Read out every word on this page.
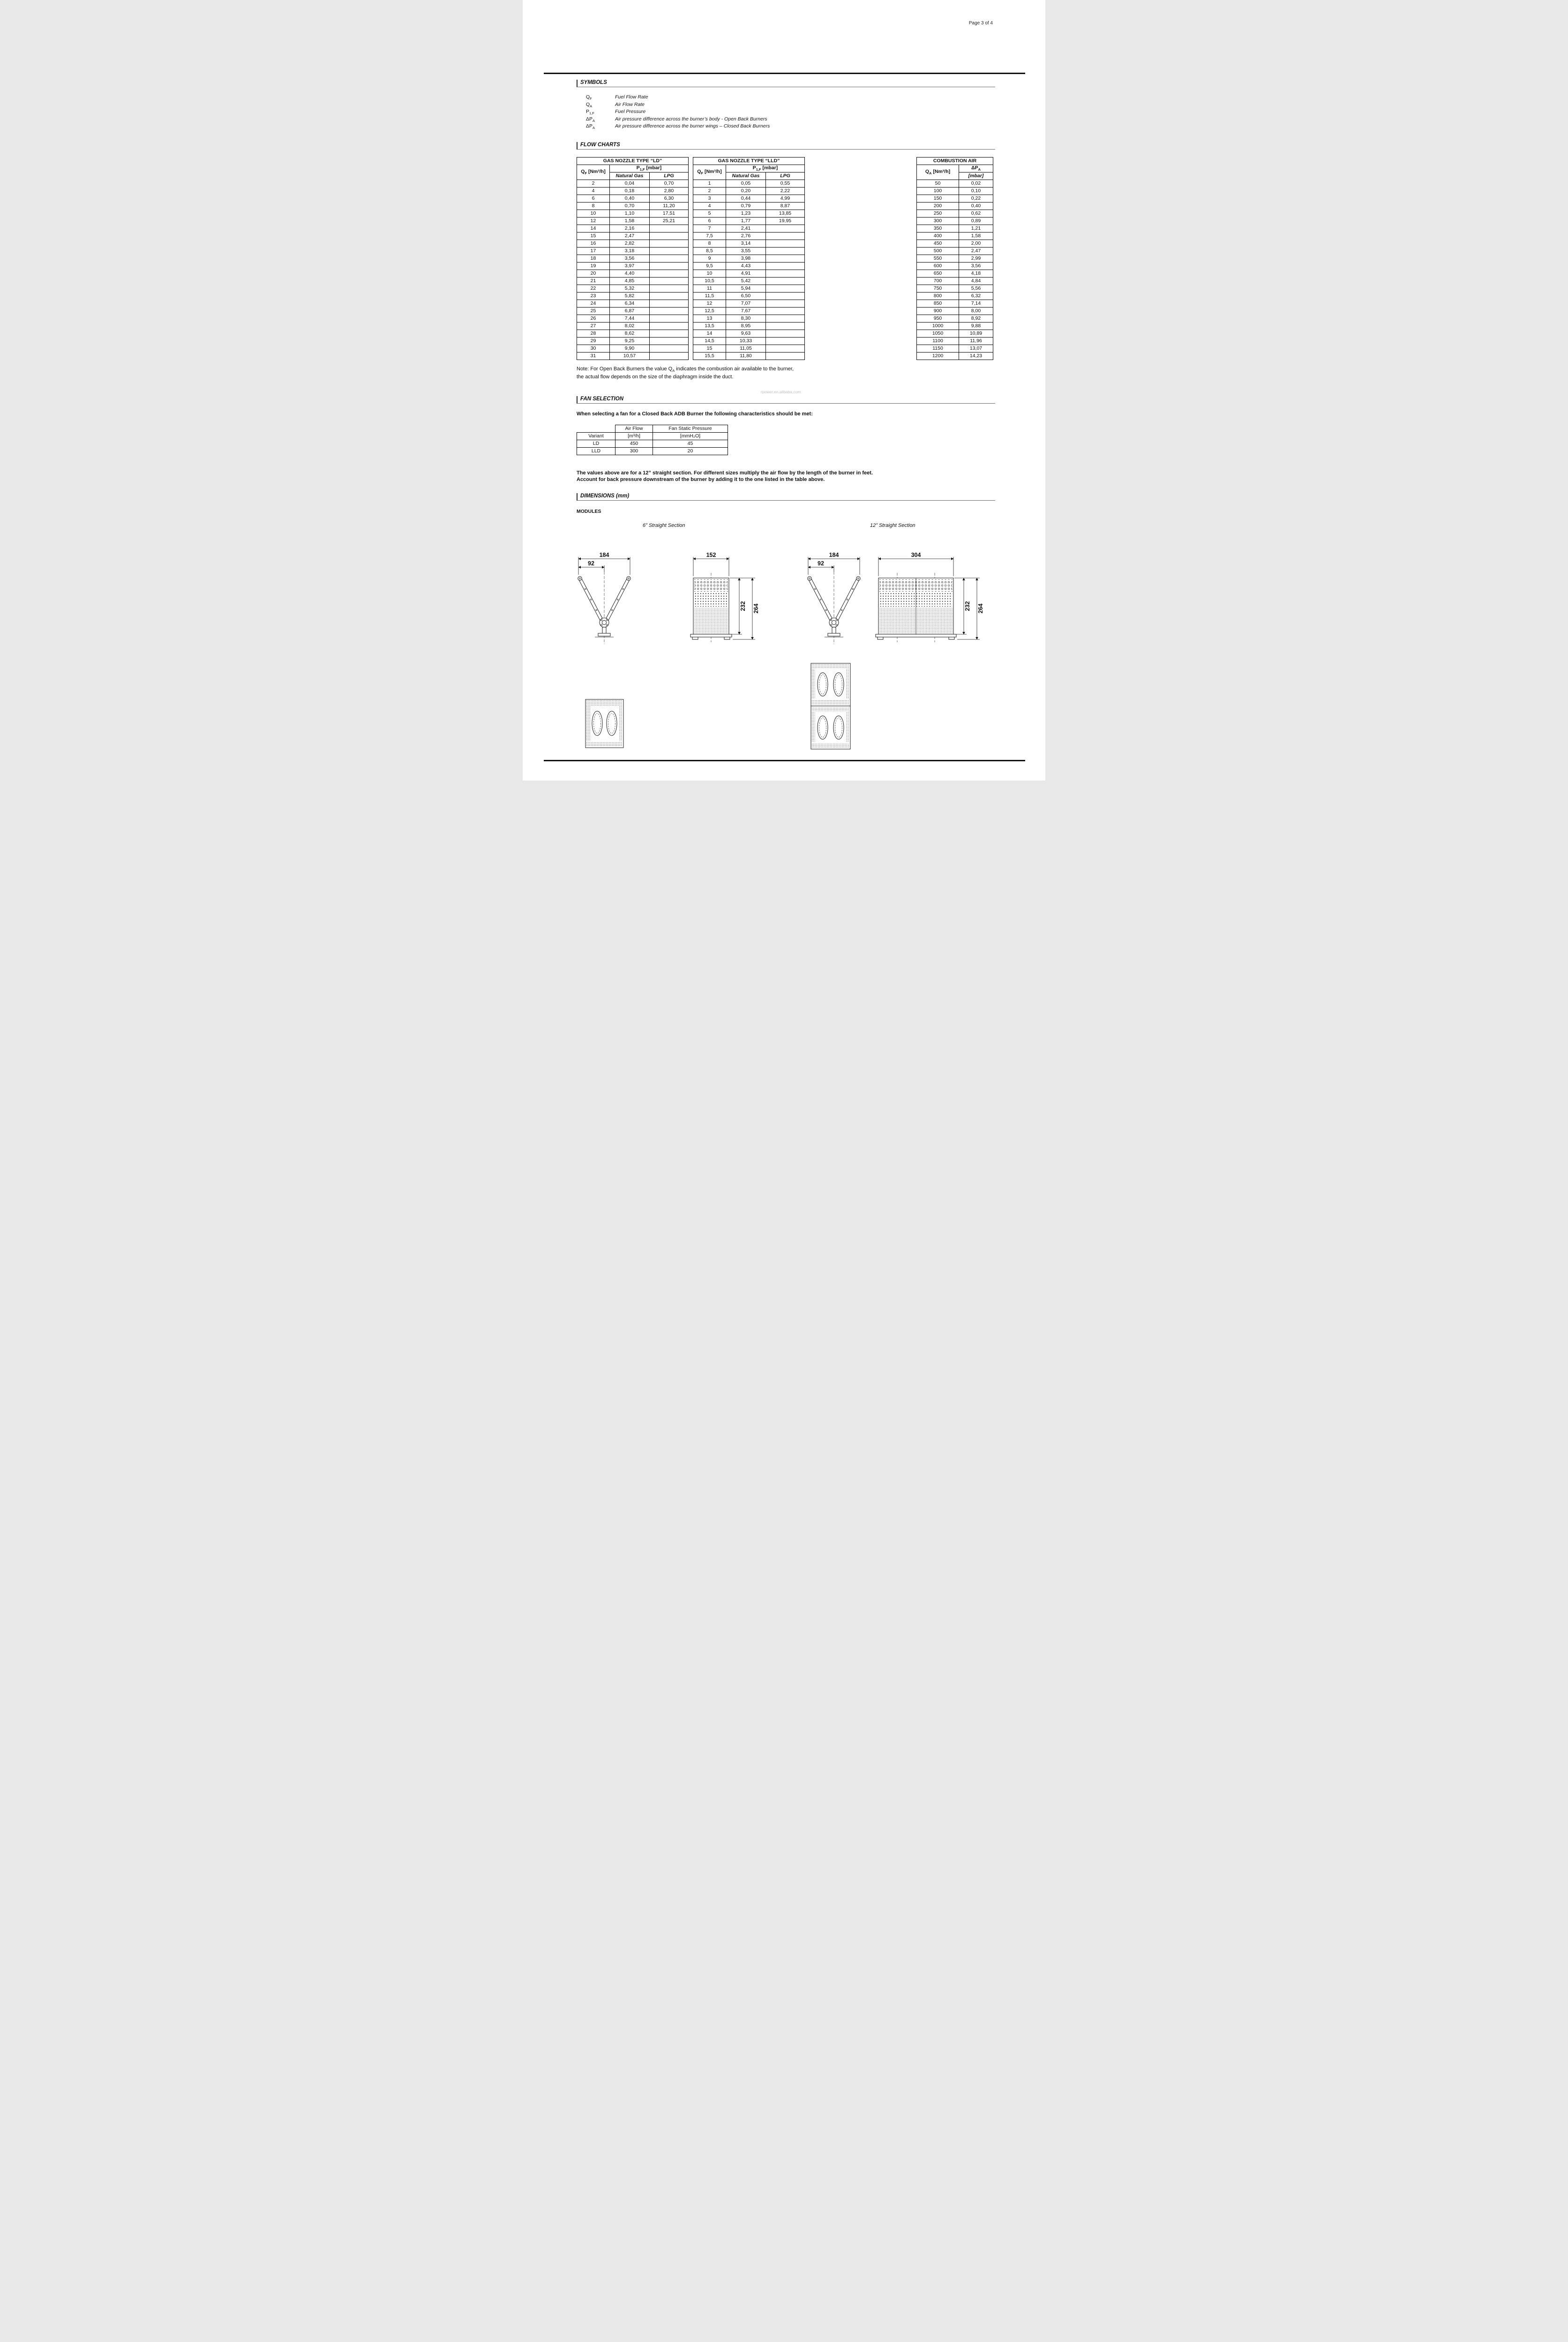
Page 3 of 4
SYMBOLS
$Q_F$	Fuel Flow Rate
$Q_A$	Air Flow Rate
$P_{1,F}$	Fuel Pressure
$\Delta P_A$	Air pressure difference across the burner’s body - Open Back Burners
$\Delta P_A$	Air pressure difference across the burner wings – Closed Back Burners
FLOW CHARTS
GAS NOZZLE TYPE “LD”		
$Q_F$ [Nm³/h]	$P_{1,F}$ [mbar]	
	Natural Gas	LPG
2	0,04	0,70
4	0,18	2,80
6	0,40	6,30
8	0,70	11,20
10	1,10	17,51
12	1,58	25,21
14	2,16	
15	2,47	
16	2,82	
17	3,18	
18	3,56	
19	3,97	
20	4,40	
21	4,85	
22	5,32	
23	5,82	
24	6,34	
25	6,87	
26	7,44	
27	8,02	
28	8,62	
29	9,25	
30	9,90	
31	10,57	
GAS NOZZLE TYPE “LLD”		
$Q_F$ [Nm³/h]	$P_{1,F}$ [mbar]	
	Natural Gas	LPG
1	0,05	0,55
2	0,20	2,22
3	0,44	4,99
4	0,79	8,87
5	1,23	13,85
6	1,77	19,95
7	2,41	
7,5	2,76	
8	3,14	
8,5	3,55	
9	3,98	
9,5	4,43	
10	4,91	
10,5	5,42	
11	5,94	
11,5	6,50	
12	7,07	
12,5	7,67	
13	8,30	
13,5	8,95	
14	9,63	
14,5	10,33	
15	11,05	
15,5	11,80	
COMBUSTION AIR	
$Q_A$ [Nm³/h]	$\Delta P_A$
	[mbar]
50	0,02
100	0,10
150	0,22
200	0,40
250	0,62
300	0,89
350	1,21
400	1,58
450	2,00
500	2,47
550	2,99
600	3,56
650	4,18
700	4,84
750	5,56
800	6,32
850	7,14
900	8,00
950	8,92
1000	9,88
1050	10,89
1100	11,96
1150	13,07
1200	14,23
Note: For Open Back Burners the value $Q_A$ indicates the combustion air available to the burner,
the actual flow depends on the size of the diaphragm inside the duct.
rpower.en.alibaba.com
FAN SELECTION
When selecting a fan for a Closed Back ADB Burner the following characteristics should be met:
	Air Flow	Fan Static Pressure
Variant	[m³/h]	[mmH₂O]
LD	450	45
LLD	300	20
The values above are for a 12” straight section. For different sizes multiply the air flow by the length of the burner in feet.
Account for back pressure downstream of the burner by adding it to the one listed in the table above.
DIMENSIONS (mm)
MODULES
6” Straight Section	12” Straight Section
184
92
152
232 264
184
92
304
232 264
